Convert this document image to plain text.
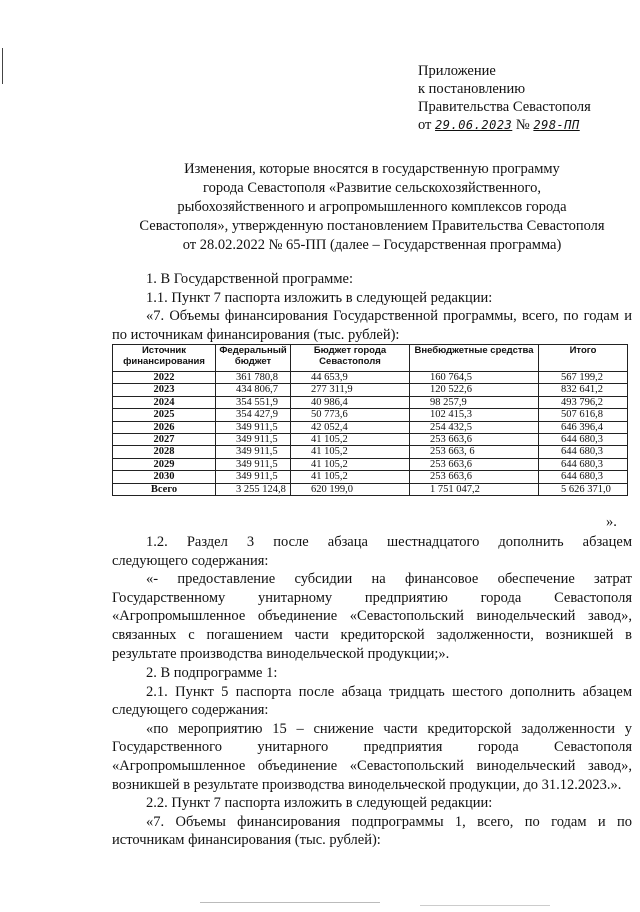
Приложение
к постановлению
Правительства Севастополя
от 29.06.2023 № 298-ПП
Изменения, которые вносятся в государственную программу
города Севастополя «Развитие сельскохозяйственного,
рыбохозяйственного и агропромышленного комплексов города
Севастополя», утвержденную постановлением Правительства Севастополя
от 28.02.2022 № 65-ПП (далее – Государственная программа)

1. В Государственной программе:

1.1. Пункт 7 паспорта изложить в следующей редакции:

«7. Объемы финансирования Государственной программы, всего, по годам и по источникам финансирования (тыс. рублей):

Источник финансирования	Федеральный бюджет	Бюджет города Севастополя	Внебюджетные средства	Итого
2022	361 780,8	44 653,9	160 764,5	567 199,2
2023	434 806,7	277 311,9	120 522,6	832 641,2
2024	354 551,9	40 986,4	98 257,9	493 796,2
2025	354 427,9	50 773,6	102 415,3	507 616,8
2026	349 911,5	42 052,4	254 432,5	646 396,4
2027	349 911,5	41 105,2	253 663,6	644 680,3
2028	349 911,5	41 105,2	253 663, 6	644 680,3
2029	349 911,5	41 105,2	253 663,6	644 680,3
2030	349 911,5	41 105,2	253 663,6	644 680,3
Всего	3 255 124,8	620 199,0	1 751 047,2	5 626 371,0
».

1.2. Раздел 3 после абзаца шестнадцатого дополнить абзацем

следующего содержания:

«- предоставление субсидии на финансовое обеспечение затрат Государственному унитарному предприятию города Севастополя «Агропромышленное объединение «Севастопольский винодельческий завод», связанных с погашением части кредиторской задолженности, возникшей в результате производства винодельческой продукции;».

2. В подпрограмме 1:

2.1. Пункт 5 паспорта после абзаца тридцать шестого дополнить абзацем следующего содержания:

«по мероприятию 15 – снижение части кредиторской задолженности у Государственного унитарного предприятия города Севастополя «Агропромышленное объединение «Севастопольский винодельческий завод», возникшей в результате производства винодельческой продукции, до 31.12.2023.».

2.2. Пункт 7 паспорта изложить в следующей редакции:

«7. Объемы финансирования подпрограммы 1, всего, по годам и по источникам финансирования (тыс. рублей):
